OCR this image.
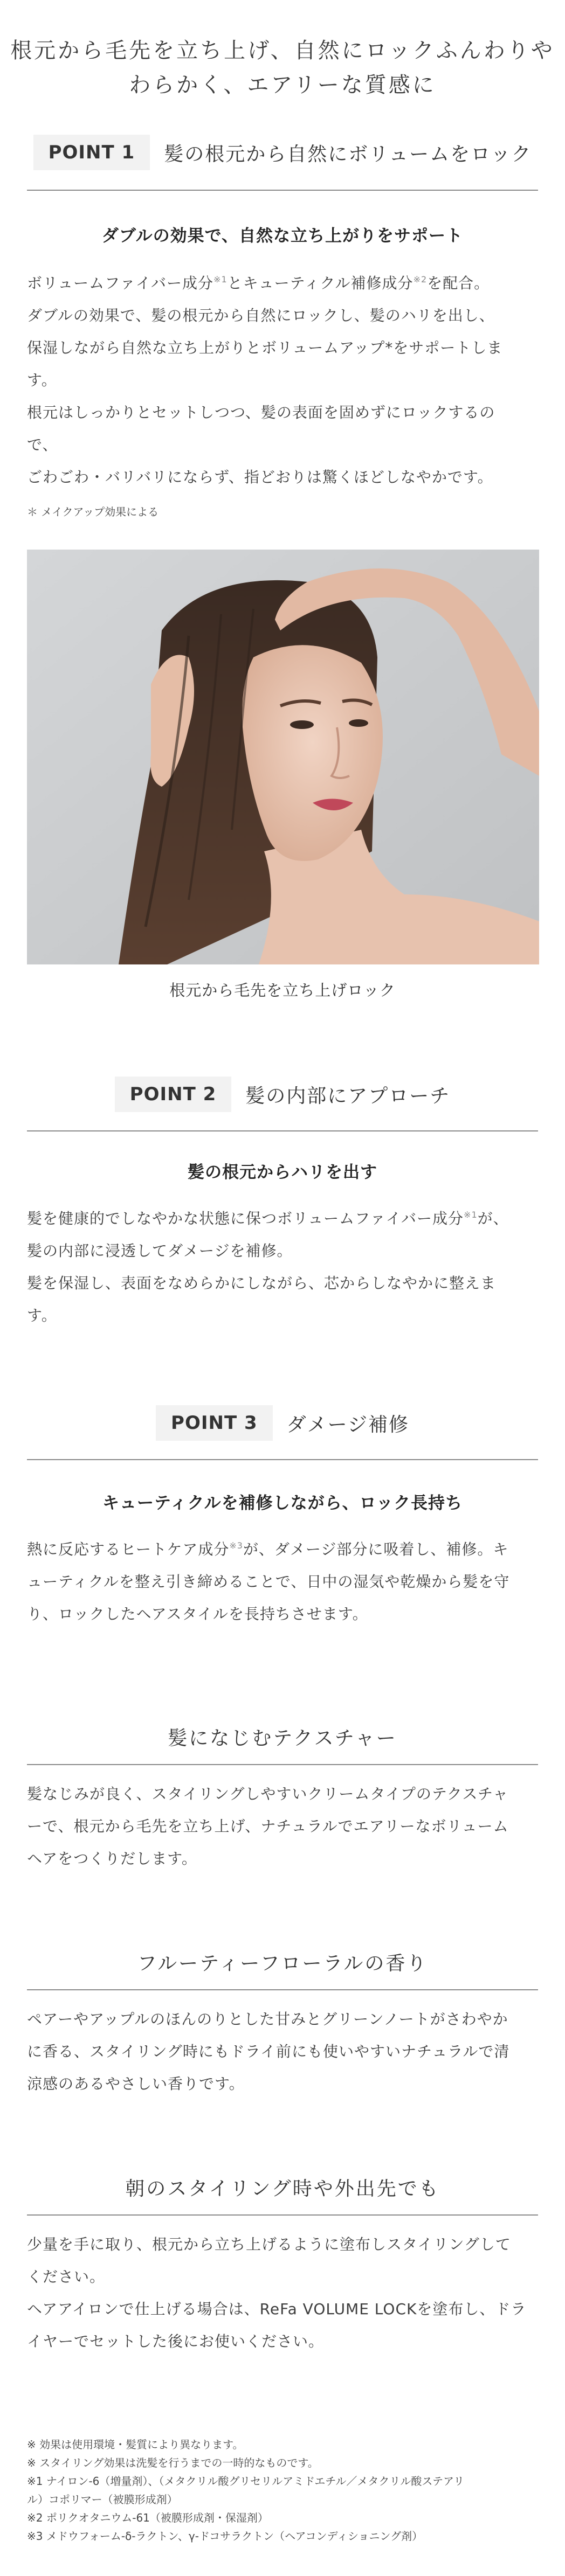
根元から毛先を立ち上げ、自然にロックふんわりや
わらかく、エアリーな質感に
POINT 1	髪の根元から自然にボリュームをロック
ダブルの効果で、自然な立ち上がりをサポート

ボリュームファイバー成分$^{※1}$とキューティクル補修成分$^{※2}$を配合。

ダブルの効果で、髪の根元から自然にロックし、髪のハリを出し、

保湿しながら自然な立ち上がりとボリュームアップ*をサポートしま

す。

根元はしっかりとセットしつつ、髪の表面を固めずにロックするの

で、

ごわごわ・バリバリにならず、指どおりは驚くほどしなやかです。

＊ メイクアップ効果による
根元から毛先を立ち上げロック
POINT 2	髪の内部にアプローチ
髪の根元からハリを出す

髪を健康的でしなやかな状態に保つボリュームファイバー成分$^{※1}$が、

髪の内部に浸透してダメージを補修。

髪を保湿し、表面をなめらかにしながら、芯からしなやかに整えま

す。

POINT 3	ダメージ補修
キューティクルを補修しながら、ロック長持ち

熱に反応するヒートケア成分$^{※3}$が、ダメージ部分に吸着し、補修。キ

ューティクルを整え引き締めることで、日中の湿気や乾燥から髪を守

り、ロックしたヘアスタイルを長持ちさせます。

髪になじむテクスチャー

髪なじみが良く、スタイリングしやすいクリームタイプのテクスチャ

ーで、根元から毛先を立ち上げ、ナチュラルでエアリーなボリューム

ヘアをつくりだします。

フルーティーフローラルの香り

ペアーやアップルのほんのりとした甘みとグリーンノートがさわやか

に香る、スタイリング時にもドライ前にも使いやすいナチュラルで清

涼感のあるやさしい香りです。

朝のスタイリング時や外出先でも

少量を手に取り、根元から立ち上げるように塗布しスタイリングして

ください。

ヘアアイロンで仕上げる場合は、ReFa VOLUME LOCKを塗布し、ドラ

イヤーでセットした後にお使いください。

※ 効果は使用環境・髪質により異なります。
※ スタイリング効果は洗髪を行うまでの一時的なものです。
※1 ナイロン-6（増量剤）、（メタクリル酸グリセリルアミドエチル／メタクリル酸ステアリ
ル）コポリマー（被膜形成剤）
※2 ポリクオタニウム-61（被膜形成剤・保湿剤）
※3 メドウフォーム-δ-ラクトン、γ-ドコサラクトン（ヘアコンディショニング剤）
